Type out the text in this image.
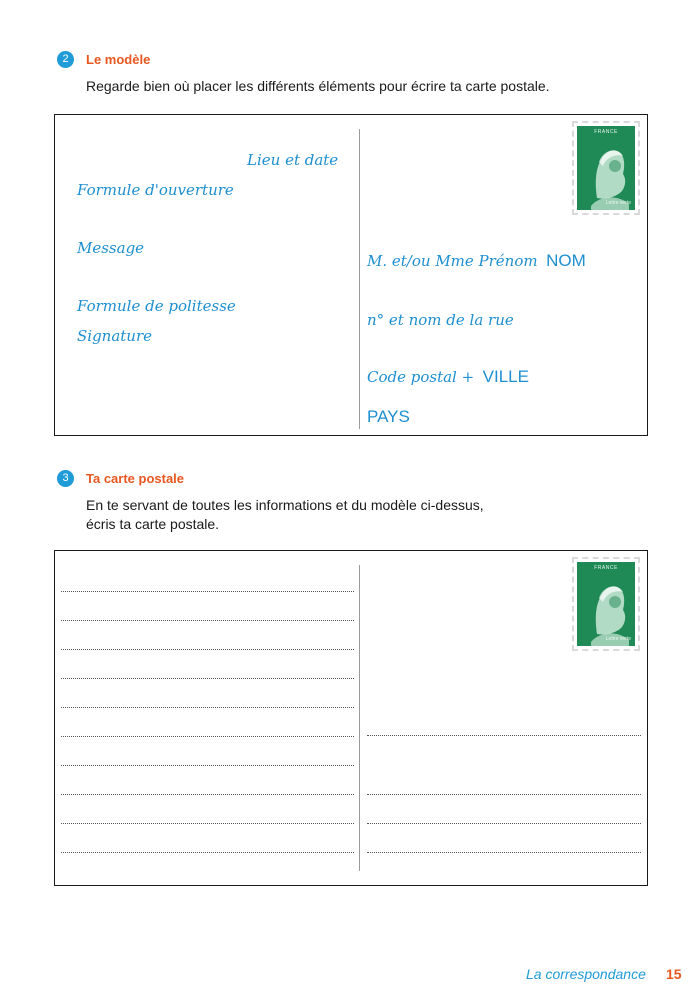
2	Le modèle
Regarde bien où placer les différents éléments pour écrire ta carte postale.
Lieu et date
Formule d'ouverture
Message
Formule de politesse
Signature
M. et/ou Mme Prénom NOM
n° et nom de la rue
Code postal + VILLE
PAYS
FRANCE
Lettre verte
3	Ta carte postale
En te servant de toutes les informations et du modèle ci-dessus,
écris ta carte postale.
FRANCE
Lettre verte
La correspondance 15
